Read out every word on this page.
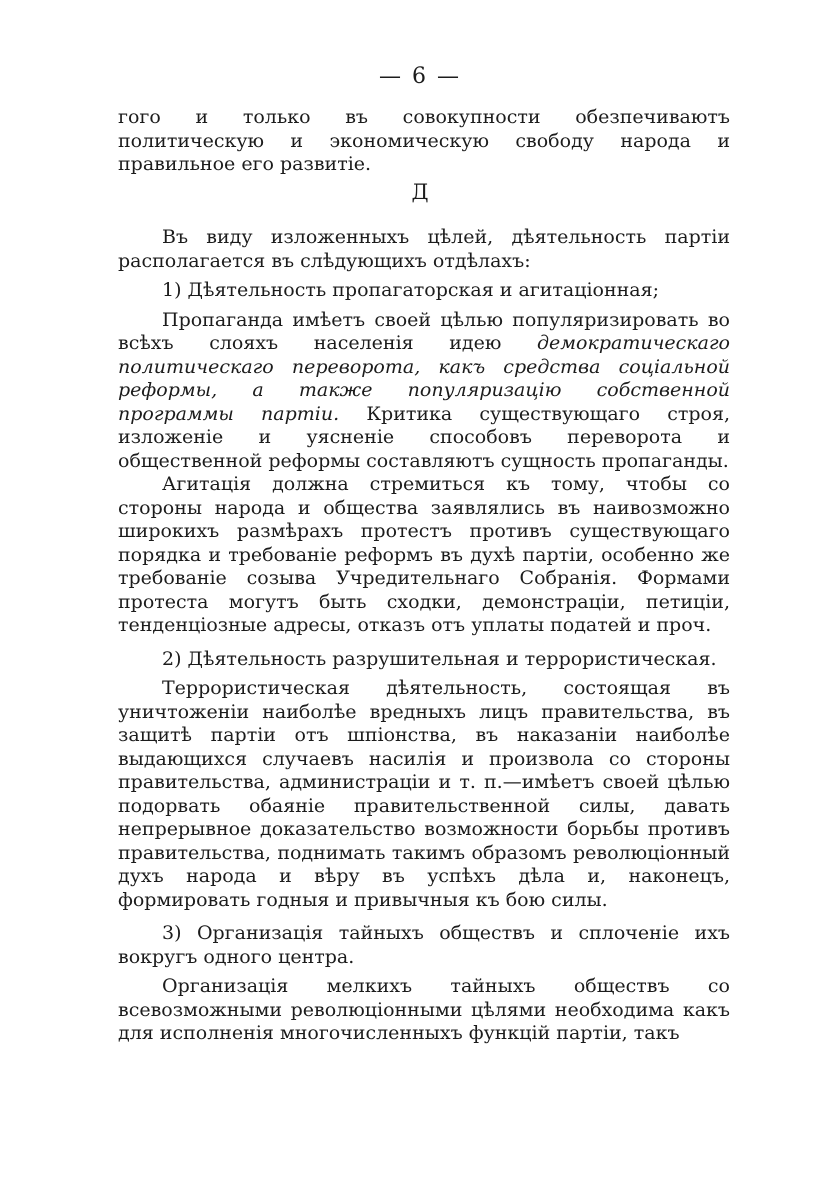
— 6 —

гого и только въ совокупности обезпечиваютъ политическую и экономическую свободу народа и правильное его развитіе.

Д

Въ виду изложенныхъ цѣлей, дѣятельность партіи располагается въ слѣдующихъ отдѣлахъ:

1) Дѣятельность пропагаторская и агитаціонная;

Пропаганда имѣетъ своей цѣлью популяризировать во всѣхъ слояхъ населенія идею демократическаго политическаго переворота, какъ средства соціальной реформы, а также популяризацію собственной программы партіи. Критика существующаго строя, изложеніе и уясненіе способовъ переворота и общественной реформы составляютъ сущность пропаганды.

Агитація должна стремиться къ тому, чтобы со стороны народа и общества заявлялись въ наивозможно широкихъ размѣрахъ протестъ противъ существующаго порядка и требованіе реформъ въ духѣ партіи, особенно же требованіе созыва Учредительнаго Собранія. Формами протеста могутъ быть сходки, демонстраціи, петиціи, тенденціозные адресы, отказъ отъ уплаты податей и проч.

2) Дѣятельность разрушительная и террористическая.

Террористическая дѣятельность, состоящая въ уничтоженіи наиболѣе вредныхъ лицъ правительства, въ защитѣ партіи отъ шпіонства, въ наказаніи наиболѣе выдающихся случаевъ насилія и произвола со стороны правительства, администраціи и т. п.—имѣетъ своей цѣлью подорвать обаяніе правительственной силы, давать непрерывное доказательство возможности борьбы противъ правительства, поднимать такимъ образомъ революціонный духъ народа и вѣру въ успѣхъ дѣла и, наконецъ, формировать годныя и привычныя къ бою силы.

3) Организація тайныхъ обществъ и сплоченіе ихъ вокругъ одного центра.

Организація мелкихъ тайныхъ обществъ со всевозможными революціонными цѣлями необходима какъ для исполненія многочисленныхъ функцій партіи, такъ
